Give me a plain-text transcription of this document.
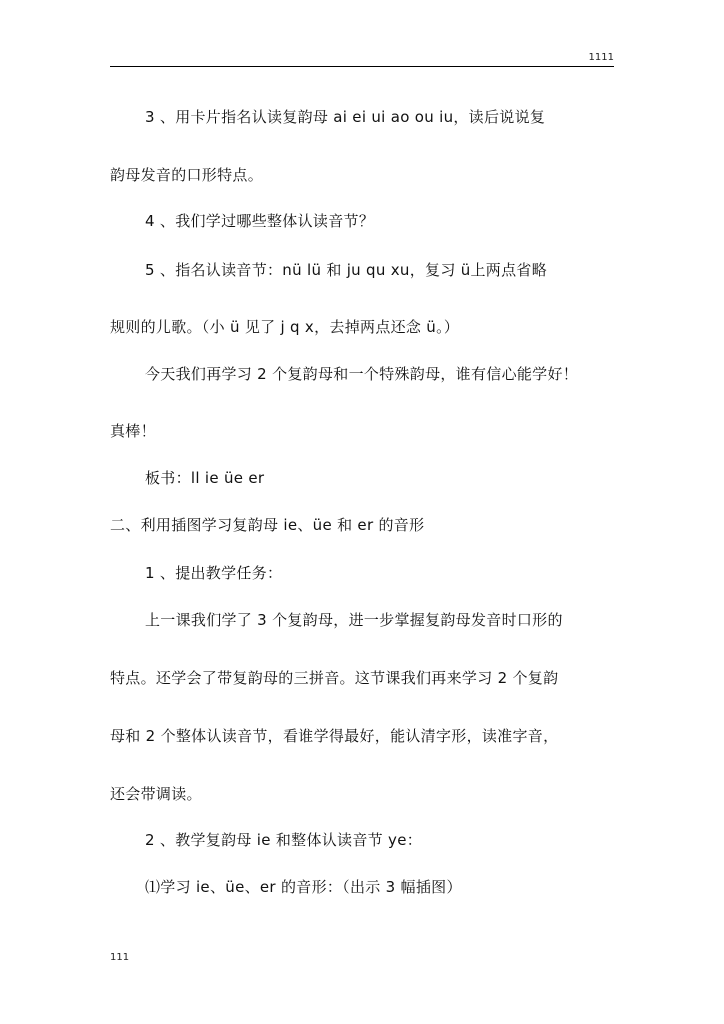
1111
3 、用卡片指名认读复韵母 ai ei ui ao ou iu，读后说说复
韵母发音的口形特点。
4 、我们学过哪些整体认读音节？
5 、指名认读音节：nü lü 和 ju qu xu，复习 ü上两点省略
规则的儿歌。（小 ü 见了 j q x，去掉两点还念 ü。）
今天我们再学习 2 个复韵母和一个特殊韵母，谁有信心能学好！
真棒！
板书：ll ie üe er
二、利用插图学习复韵母 ie、üe 和 er 的音形
1 、提出教学任务：
上一课我们学了 3 个复韵母，进一步掌握复韵母发音时口形的
特点。还学会了带复韵母的三拼音。这节课我们再来学习 2 个复韵
母和 2 个整体认读音节，看谁学得最好，能认清字形，读准字音，
还会带调读。
2 、教学复韵母 ie 和整体认读音节 ye：
⑴学习 ie、üe、er 的音形：（出示 3 幅插图）
111
